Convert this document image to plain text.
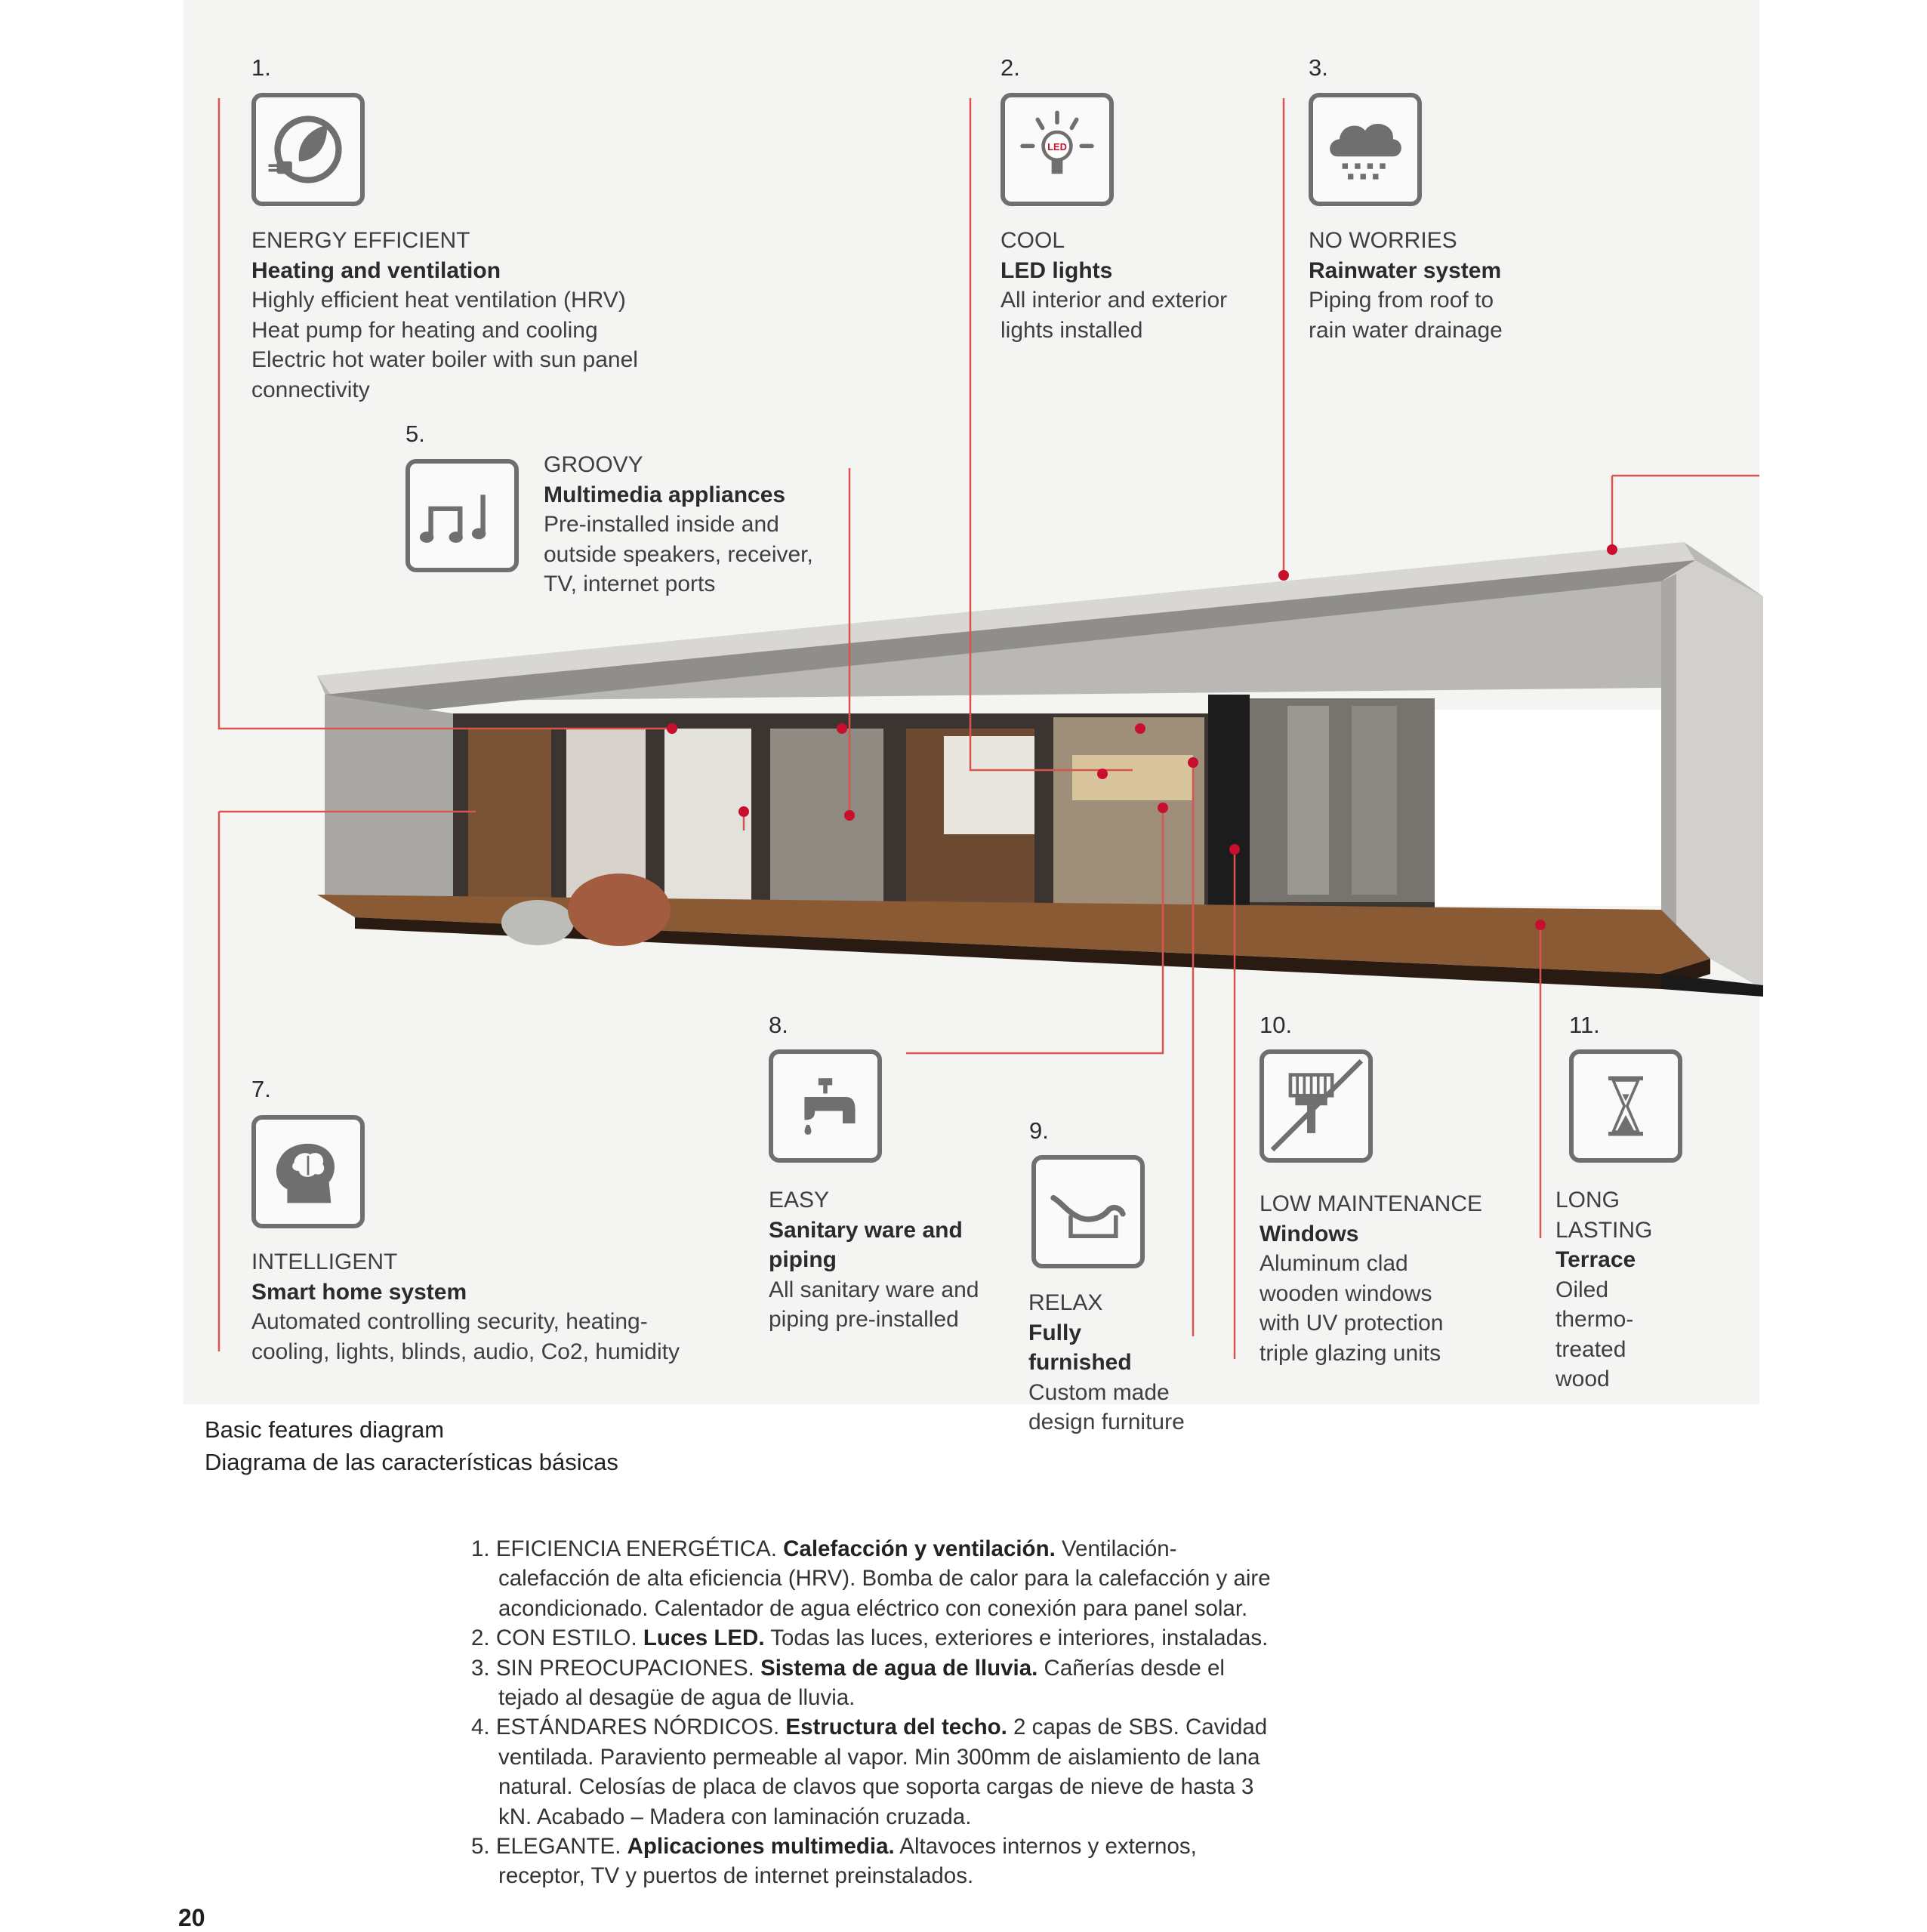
1.
ENERGY EFFICIENT
Heating and ventilation
Highly efficient heat ventilation (HRV)
Heat pump for heating and cooling
Electric hot water boiler with sun panel
connectivity
2.
LED
COOL
LED lights
All interior and exterior
lights installed
3.
NO WORRIES
Rainwater system
Piping from roof to
rain water drainage
5.
GROOVY
Multimedia appliances
Pre-installed inside and
outside speakers, receiver,
TV, internet ports
7.
INTELLIGENT
Smart home system
Automated controlling security, heating-
cooling, lights, blinds, audio, Co2, humidity
8.
EASY
Sanitary ware and
piping
All sanitary ware and
piping pre-installed
9.
RELAX
Fully
furnished
Custom made
design furniture
10.
LOW MAINTENANCE
Windows
Aluminum clad
wooden windows
with UV protection
triple glazing units
11.
LONG
LASTING
Terrace
Oiled
thermo-
treated
wood
Basic features diagram
Diagrama de las características básicas
1. EFICIENCIA ENERGÉTICA. Calefacción y ventilación. Ventilación-
calefacción de alta eficiencia (HRV). Bomba de calor para la calefacción y aire
acondicionado. Calentador de agua eléctrico con conexión para panel solar.
2. CON ESTILO. Luces LED. Todas las luces, exteriores e interiores, instaladas.
3. SIN PREOCUPACIONES. Sistema de agua de lluvia. Cañerías desde el
tejado al desagüe de agua de lluvia.
4. ESTÁNDARES NÓRDICOS. Estructura del techo. 2 capas de SBS. Cavidad
ventilada. Paraviento permeable al vapor. Min 300mm de aislamiento de lana
natural. Celosías de placa de clavos que soporta cargas de nieve de hasta 3
kN. Acabado – Madera con laminación cruzada.
5. ELEGANTE. Aplicaciones multimedia. Altavoces internos y externos,
receptor, TV y puertos de internet preinstalados.
20
